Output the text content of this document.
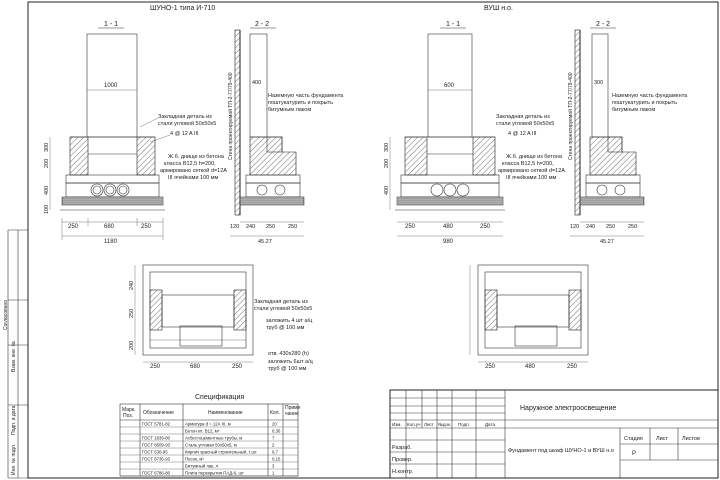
Согласовано
Взам. инв. №
Подп. и дата
Инв. № подл.
ШУНО-1 типа И-710
1 - 1
1000
300
200
400
100
250	680	250
1180
Закладная деталь из стали угловой 50х50х5
4 @ 12 A III
Ж.б. днище из бетона класса В12,5 h=200, армировано сеткой d=12А III ячейками 100 мм
2 - 2
Стена проектируемой ТП-2-77/79-400	400
Наземную часть фундамента поштукатурить и покрыть битумным лаком
120 240 250 250
45.27
ВУШ н.о.
1 - 1
600
300
200
400
250	480	250
980
Закладная деталь из стали угловой 50х50х5
4 @ 12 A III
Ж.б. днище из бетона класса В12,5 h=200, армировано сеткой d=12А III ячейками 100 мм
2 - 2
Стена проектируемой ТП-2-77/79-400	300
Наземную часть фундамента поштукатурить и покрыть битумным лаком
120 240 250 250
45.27
240
250
200
250	680	250
Закладная деталь из стали угловой 50х50х5
заложить 4 шт а/ц труб @ 100 мм
отв. 430х280 (h)
заложить 6шт а/ц труб @ 100 мм	250	480	250
Спецификация
Марк. Поз.	Обозначение	Наименование	Кол.
Приме чание
ГОСТ 5781-82	Арматура d = 12А III, м	20
Бетон кл. В12, м³	0,36
ГОСТ 1839-80	Асбестоцементные трубы, м	7
ГОСТ 8509-93	Сталь угловая 50х50х5, м	2
ГОСТ 530-95	Кирпич красный строительный, т.шт	0,7
ГОСТ 8736-93	Песок, м³	0,15
Битумный лак, л	3
ГОСТ 6786-80	Плита перекрытия ПАД-6, шт	1
Изм. Кол.уч Лист №док. Подп.	Дата
Наружное электроосвещение
Разраб.
Провер.
Н.контр.
Фундамент под шкаф ШУНО-1 и ВУШ н.о
Стадия Лист	Листов
Р
